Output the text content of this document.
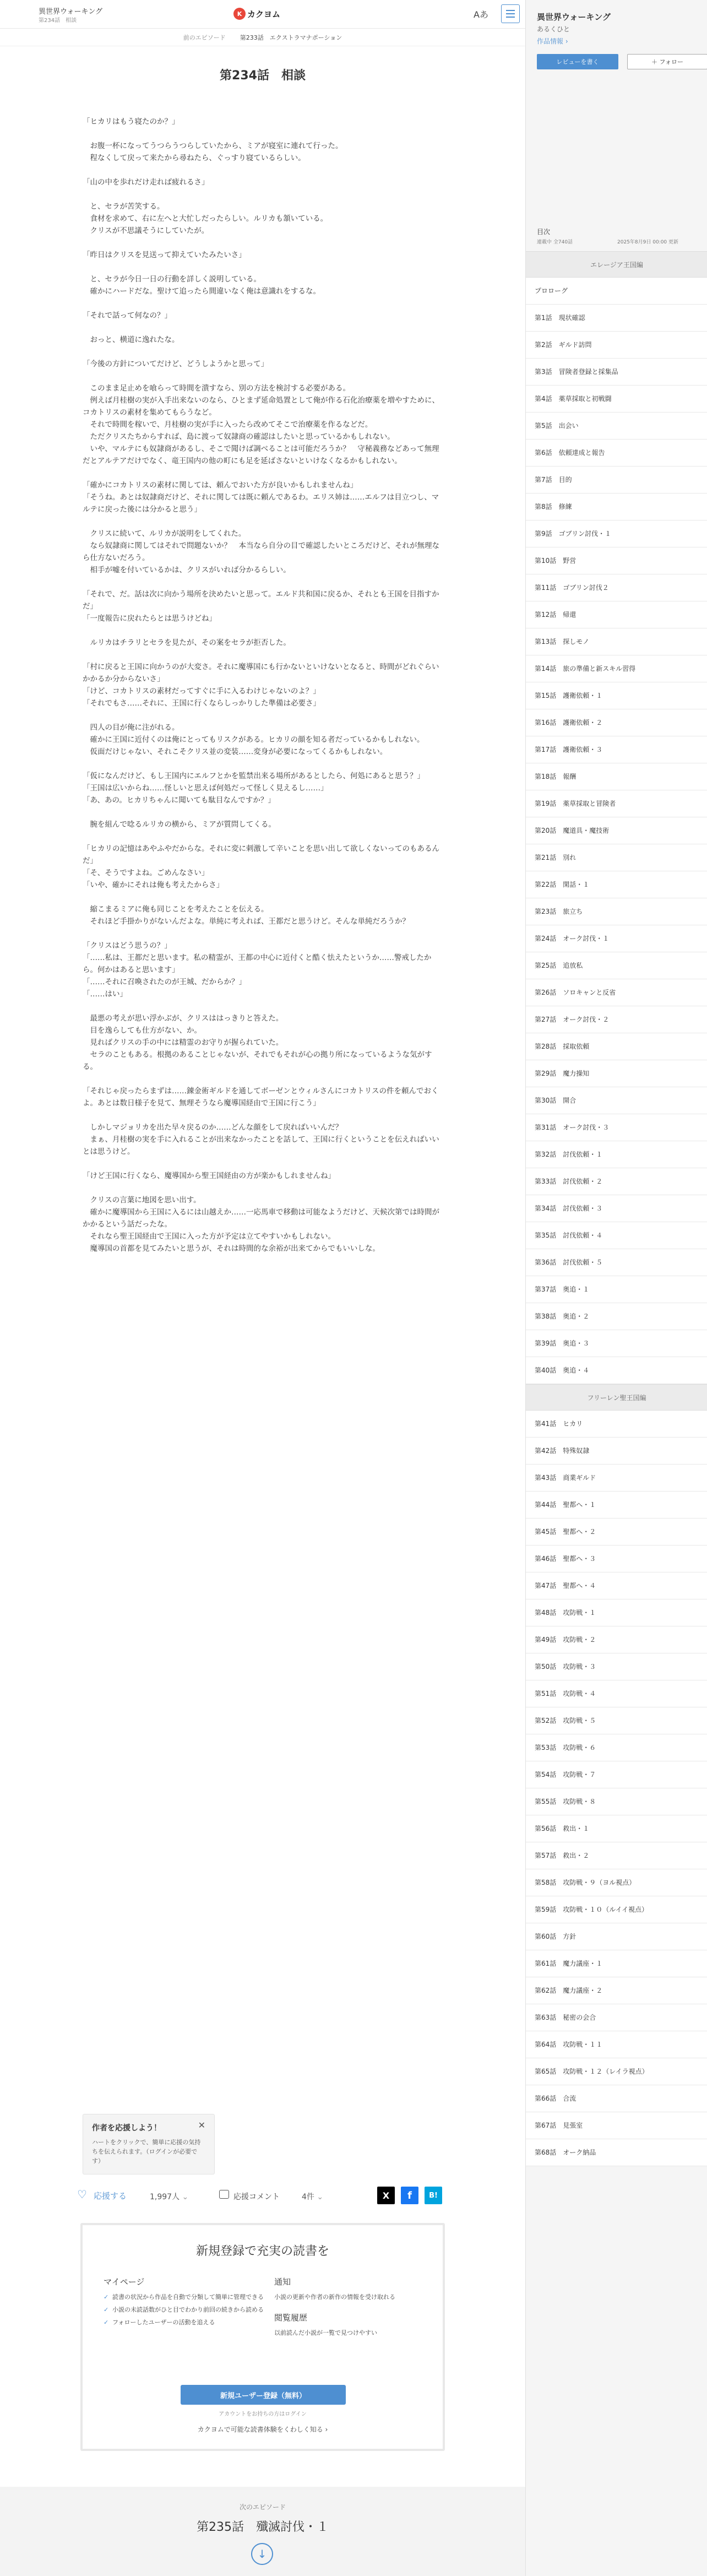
異世界ウォーキング
第234話　相談
K カクヨム	Aあ
前のエピソード 第233話　エクストラマナポーション
第234話　相談

「ヒカリはもう寝たのか？」

　お腹一杯になってうつらうつらしていたから、ミアが寝室に連れて行った。

　程なくして戻って来たから尋ねたら、ぐっすり寝ているらしい。

「山の中を歩れだけ走れば疲れるさ」

　と、セラが苦笑する。

　食材を求めて、右に左へと大忙しだったらしい。ルリカも頷いている。

　クリスが不思議そうにしていたが。

「昨日はクリスを見送って抑えていたみたいさ」

　と、セラが今日一日の行動を詳しく説明している。

　確かにハードだな。聖けて追ったら間違いなく俺は意識れをするな。

「それで話って何なの？」

　おっと、横道に逸れたな。

「今後の方針についてだけど、どうしようかと思って」

　このまま足止めを喰らって時間を潰すなら、別の方法を検討する必要がある。

　例えば月桂樹の実が入手出来ないのなら、ひとまず延命処置として俺が作る石化治療薬を増やすために、コカトリスの素材を集めてもらうなど。

　それで時間を稼いで、月桂樹の実が手に入ったら改めてそこで治療薬を作るなどだ。

　ただクリスたちからすれば、島に渡って奴隷商の確認はしたいと思っているかもしれない。

　いや、マルテにも奴隷商があるし、そこで聞けば調べることは可能だろうか？　守秘義務などあって無理だとアルテアだけでなく、竜王国内の他の町にも足を延ばさないといけなくなるかもしれない。

「確かにコカトリスの素材に関しては、頼んでおいた方が良いかもしれませんね」

「そうね。あとは奴隷商だけど、それに関しては既に頼んであるわ。エリス姉は……エルフは目立つし、マルテに戻った後には分かると思う」

　クリスに続いて、ルリカが説明をしてくれた。

　なら奴隷商に関してはそれで問題ないか？　本当なら自分の目で確認したいところだけど、それが無理なら仕方ないだろう。

　相手が嘘を付いているかは、クリスがいれば分かるらしい。

「それで、だ。話は次に向かう場所を決めたいと思って。エルド共和国に戻るか、それとも王国を目指すかだ」

「一度報告に戻れたらとは思うけどね」

　ルリカはチラリとセラを見たが、その案をセラが拒否した。

「村に戻ると王国に向かうのが大変さ。それに魔導国にも行かないといけないとなると、時間がどれぐらいかかるか分からないさ」

「けど、コカトリスの素材だってすぐに手に入るわけじゃないのよ？」

「それでもさ……それに、王国に行くならしっかりした準備は必要さ」

　四人の目が俺に注がれる。

　確かに王国に近付くのは俺にとってもリスクがある。ヒカリの顔を知る者だっているかもしれない。

　仮面だけじゃない、それこそクリス並の変装……変身が必要になってくるかもしれない。

「仮になんだけど、もし王国内にエルフとかを監禁出来る場所があるとしたら、何処にあると思う？」

「王国は広いからね……怪しいと思えば何処だって怪しく見えるし……」

「あ、あの。ヒカリちゃんに聞いても駄目なんですか？」

　腕を組んで唸るルリカの横から、ミアが質問してくる。

「ヒカリの記憶はあやふやだからな。それに変に刺激して辛いことを思い出して欲しくないってのもあるんだ」

「そ、そうですよね。ごめんなさい」

「いや、確かにそれは俺も考えたからさ」

　縮こまるミアに俺も同じことを考えたことを伝える。

　それほど手掛かりがないんだよな。単純に考えれば、王都だと思うけど。そんな単純だろうか？

「クリスはどう思うの？」

「……私は、王都だと思います。私の精霊が、王都の中心に近付くと酷く怯えたというか……警戒したから。何かはあると思います」

「……それに召喚されたのが王城、だからか？」

「……はい」

　最悪の考えが思い浮かぶが、クリスははっきりと答えた。

　目を逸らしても仕方がない、か。

　見ればクリスの手の中には精霊のお守りが握られていた。

　セラのこともある。根拠のあることじゃないが、それでもそれが心の拠り所になっているような気がする。

「それじゃ戻ったらまずは……錬金術ギルドを通してボーゼンとウィルさんにコカトリスの件を頼んでおくよ。あとは数日様子を見て、無理そうなら魔導国経由で王国に行こう」

　しかしマジョリカを出た早々戻るのか……どんな顔をして戻ればいいんだ？

　まぁ、月桂樹の実を手に入れることが出来なかったことを話して、王国に行くということを伝えればいいとは思うけど。

「けど王国に行くなら、魔導国から聖王国経由の方が楽かもしれませんね」

　クリスの言葉に地図を思い出す。

　確かに魔導国から王国に入るには山越えか……一応馬車で移動は可能なようだけど、天候次第では時間がかかるという話だったな。

　それなら聖王国経由で王国に入った方が予定は立てやすいかもしれない。

　魔導国の首都を見てみたいと思うが、それは時間的な余裕が出来てからでもいいしな。

作者を応援しよう！
ハートをクリックで、簡単に応援の気持ちを伝えられます。（ログインが必要です）
✕
♡ 応援する	1,997人 ⌄	応援コメント	4件 ⌄	X	f	B!
新規登録で充実の読書を
マイページ
✓ 読書の状況から作品を自動で分類して簡単に管理できる
✓ 小説の未読話数がひと目でわかり前回の続きから読める
✓ フォローしたユーザーの活動を追える
通知
小説の更新や作者の新作の情報を受け取れる
閲覧履歴
以前読んだ小説が一覧で見つけやすい
新規ユーザー登録（無料）
アカウントをお持ちの方はログイン
カクヨムで可能な読書体験をくわしく知る ›
次のエピソード
第235話　殲滅討伐・１
↓
異世界ウォーキング
あるくひと
作品情報 ›
レビューを書く	＋ フォロー
目次
連載中 全740話	2025年8月9日 00:00 更新
エレージア王国編
プロローグ
第1話　現状確認
第2話　ギルド訪問
第3話　冒険者登録と採集品
第4話　薬草採取と初戦闘
第5話　出会い
第6話　依頼達成と報告
第7話　目的
第8話　修練
第9話　ゴブリン討伐・１
第10話　野営
第11話　ゴブリン討伐２
第12話　帰還
第13話　探しモノ
第14話　旅の準備と新スキル習得
第15話　護衛依頼・１
第16話　護衛依頼・２
第17話　護衛依頼・３
第18話　報酬
第19話　薬草採取と冒険者
第20話　魔道具・魔技術
第21話　別れ
第22話　閑話・１
第23話　旅立ち
第24話　オーク討伐・１
第25話　追放私
第26話　ソロキャンと反省
第27話　オーク討伐・２
第28話　採取依頼
第29話　魔力操知
第30話　開合
第31話　オーク討伐・３
第32話　討伐依頼・１
第33話　討伐依頼・２
第34話　討伐依頼・３
第35話　討伐依頼・４
第36話　討伐依頼・５
第37話　奥追・１
第38話　奥追・２
第39話　奥追・３
第40話　奥追・４
フリーレン聖王国編
第41話　ヒカリ
第42話　特殊奴隷
第43話　商業ギルド
第44話　聖都へ・１
第45話　聖都へ・２
第46話　聖都へ・３
第47話　聖都へ・４
第48話　攻防戦・１
第49話　攻防戦・２
第50話　攻防戦・３
第51話　攻防戦・４
第52話　攻防戦・５
第53話　攻防戦・６
第54話　攻防戦・７
第55話　攻防戦・８
第56話　救出・１
第57話　救出・２
第58話　攻防戦・９（ヨル視点）
第59話　攻防戦・１０（ルイイ視点）
第60話　方針
第61話　魔力議座・１
第62話　魔力議座・２
第63話　秘密の会合
第64話　攻防戦・１１
第65話　攻防戦・１２（レイラ視点）
第66話　合流
第67話　見張室
第68話　オーク納品
